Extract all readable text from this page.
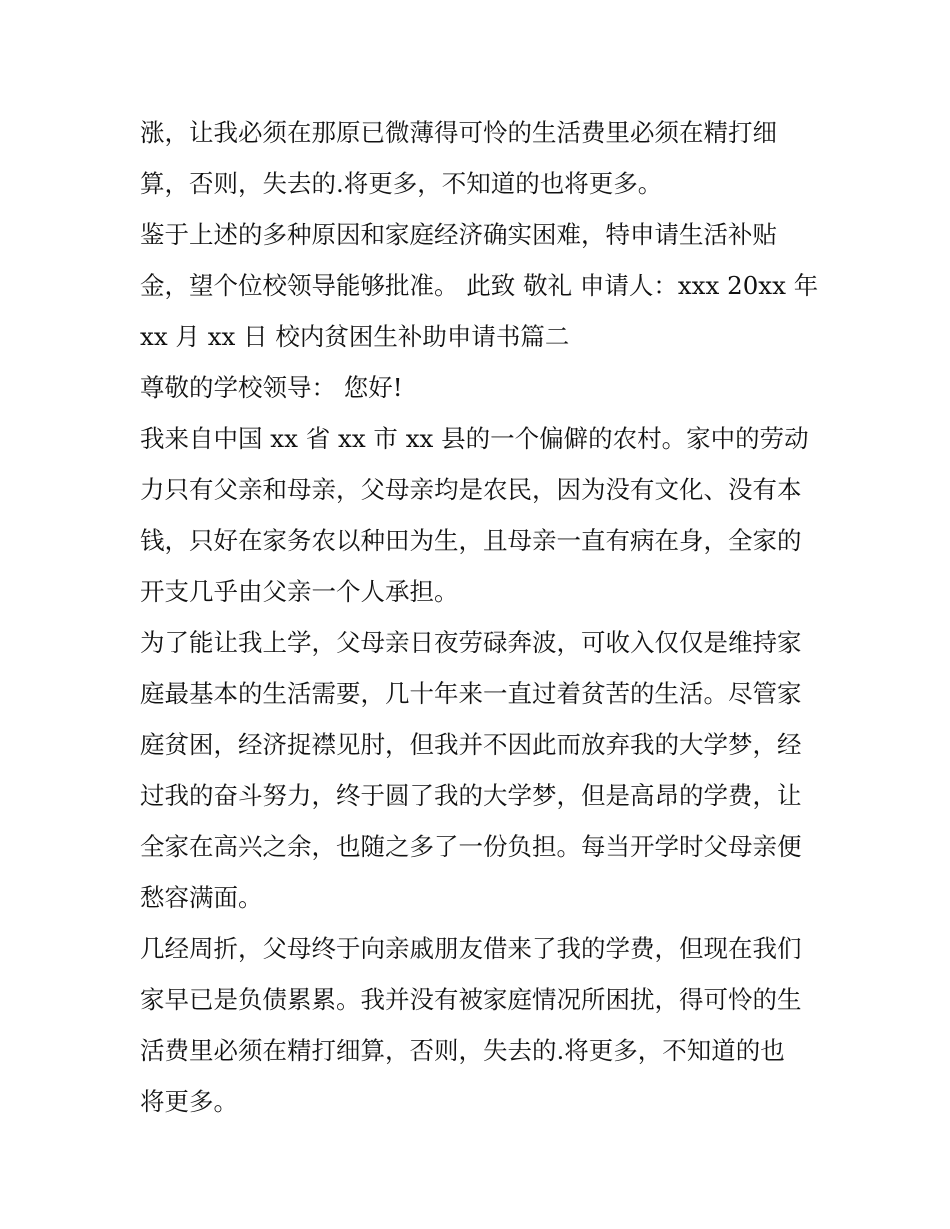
涨，让我必须在那原已微薄得可怜的生活费里必须在精打细
算，否则，失去的.将更多，不知道的也将更多。

鉴于上述的多种原因和家庭经济确实困难，特申请生活补贴
金，望个位校领导能够批准。 此致 敬礼 申请人：xxx 20xx 年
xx 月 xx 日 校内贫困生补助申请书篇二

尊敬的学校领导： 您好!

我来自中国 xx 省 xx 市 xx 县的一个偏僻的农村。家中的劳动
力只有父亲和母亲，父母亲均是农民，因为没有文化、没有本
钱，只好在家务农以种田为生，且母亲一直有病在身，全家的
开支几乎由父亲一个人承担。

为了能让我上学，父母亲日夜劳碌奔波，可收入仅仅是维持家
庭最基本的生活需要，几十年来一直过着贫苦的生活。尽管家
庭贫困，经济捉襟见肘，但我并不因此而放弃我的大学梦，经
过我的奋斗努力，终于圆了我的大学梦，但是高昂的学费，让
全家在高兴之余，也随之多了一份负担。每当开学时父母亲便
愁容满面。

几经周折，父母终于向亲戚朋友借来了我的学费，但现在我们
家早已是负债累累。我并没有被家庭情况所困扰，得可怜的生
活费里必须在精打细算，否则，失去的.将更多，不知道的也
将更多。
